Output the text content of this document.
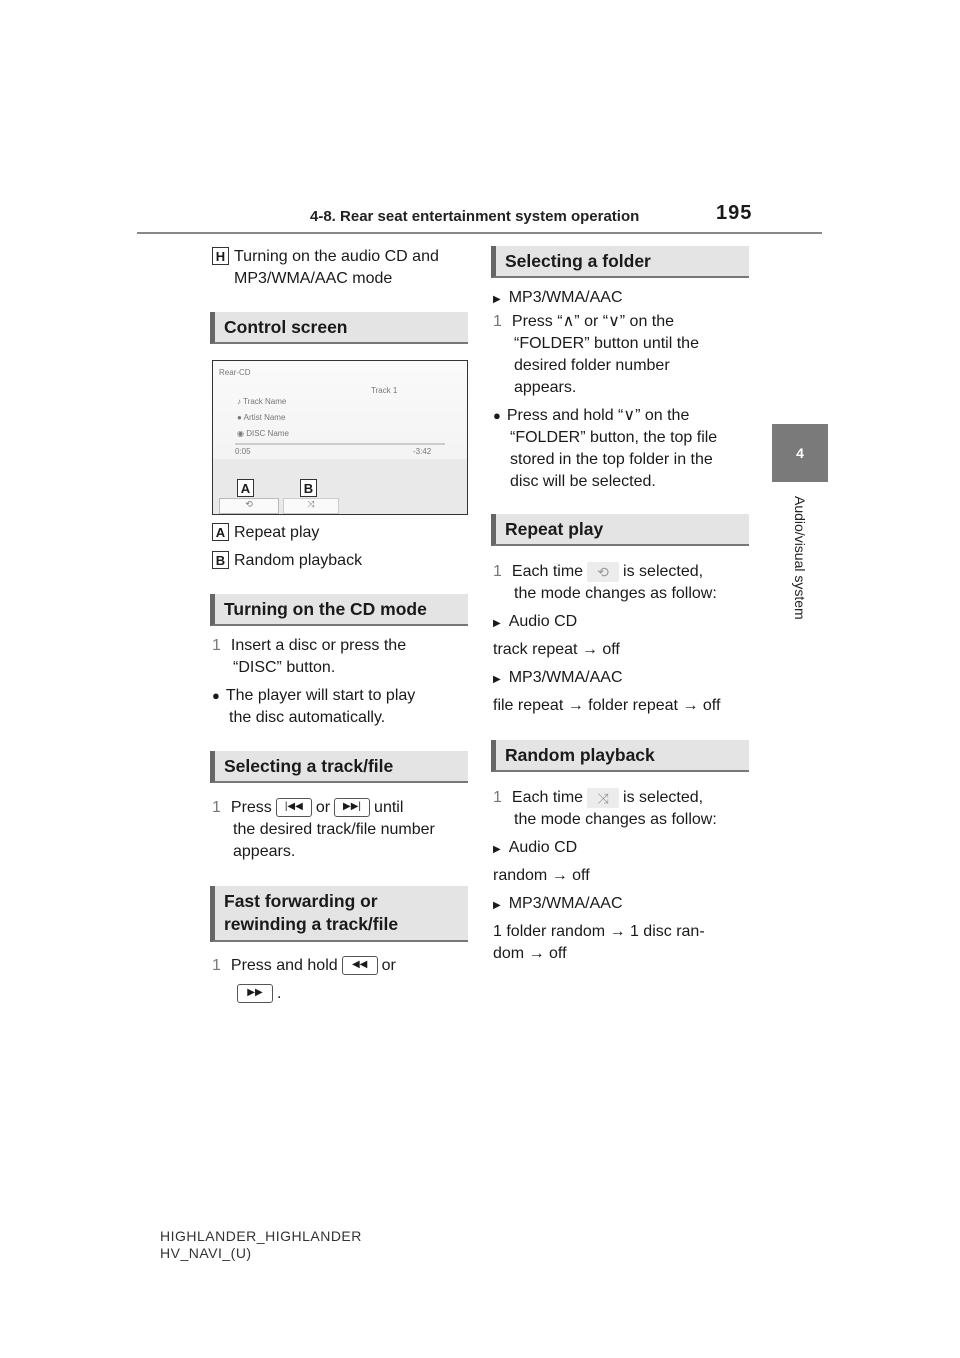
4-8. Rear seat entertainment system operation	195
4
Audio/visual system
H Turning on the audio CD and
MP3/WMA/AAC mode
Control screen
Rear-CD
Track 1
♪ Track Name
● Artist Name
◉ DISC Name
0:05	-3:42
A	B
⟲	⤨
A Repeat play
B Random playback
Turning on the CD mode
1 Insert a disc or press the
“DISC” button.
● The player will start to play
the disc automatically.
Selecting a track/file
1 Press |◀◀ or ▶▶| until
the desired track/file number
appears.
Fast forwarding or
rewinding a track/file
1 Press and hold ◀◀ or
▶▶ .
Selecting a folder
▶ MP3/WMA/AAC
1 Press “∧” or “∨” on the
“FOLDER” button until the
desired folder number
appears.
● Press and hold “∨” on the
“FOLDER” button, the top file
stored in the top folder in the
disc will be selected.
Repeat play
1 Each time ⟲ is selected,
the mode changes as follow:
▶ Audio CD
track repeat → off
▶ MP3/WMA/AAC
file repeat → folder repeat → off
Random playback
1 Each time ⤨ is selected,
the mode changes as follow:
▶ Audio CD
random → off
▶ MP3/WMA/AAC
1 folder random → 1 disc ran-
dom → off
HIGHLANDER_HIGHLANDER
HV_NAVI_(U)
